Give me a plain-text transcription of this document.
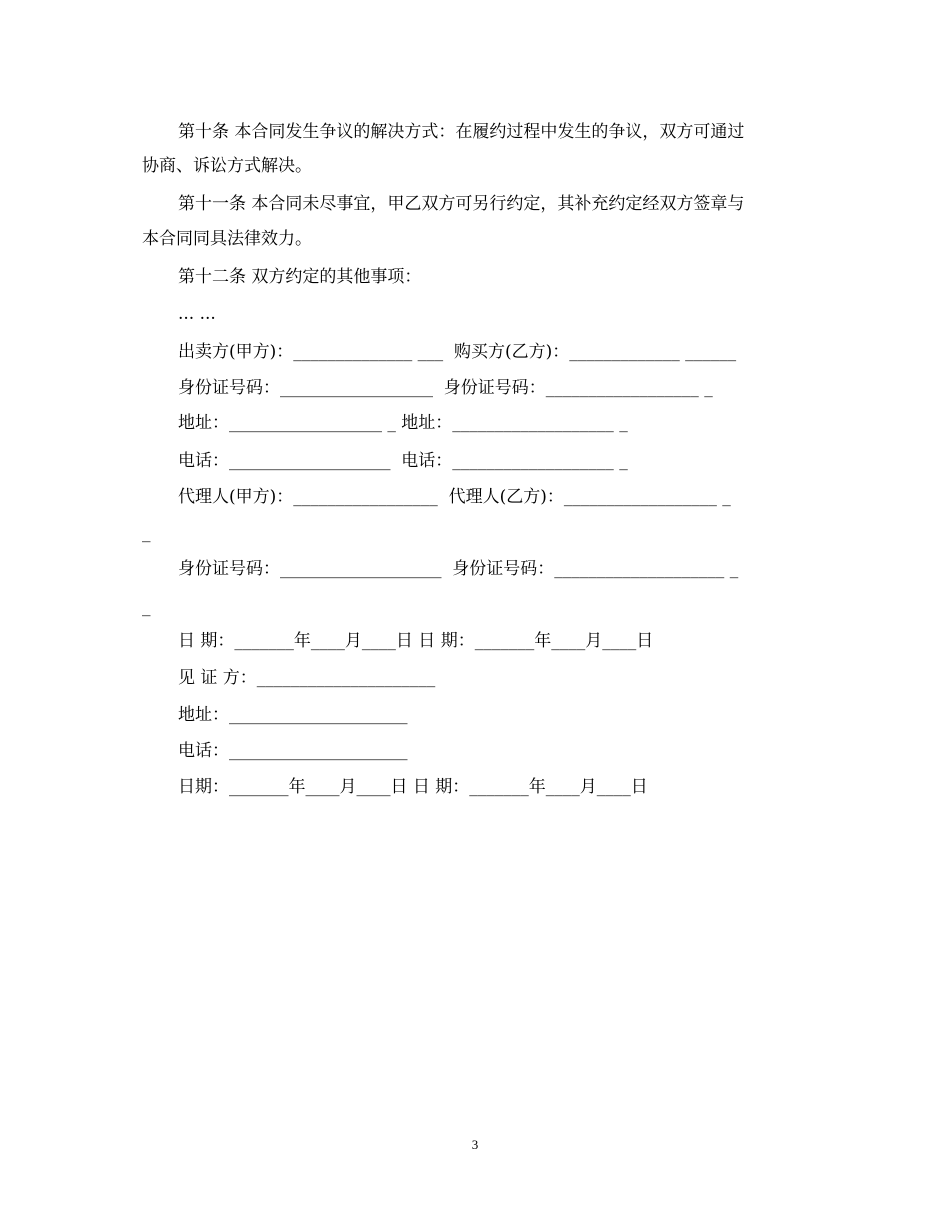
第十条 本合同发生争议的解决方式：在履约过程中发生的争议，双方可通过
协商、诉讼方式解决。
第十一条 本合同未尽事宜，甲乙双方可另行约定，其补充约定经双方签章与
本合同同具法律效力。
第十二条 双方约定的其他事项：
... ...
出卖方(甲方)：______________ ___  购买方(乙方)：_____________ ______
身份证号码：__________________  身份证号码：__________________ _
地址：__________________ _ 地址：___________________ _
电话：___________________  电话：___________________ _
代理人(甲方)：_________________  代理人(乙方)：__________________ _
_
身份证号码：___________________  身份证号码：____________________ _
_
日 期：_______年____月____日 日 期：_______年____月____日
见 证 方：_____________________
地址：_____________________
电话：_____________________
日期：_______年____月____日 日 期：_______年____月____日
3
